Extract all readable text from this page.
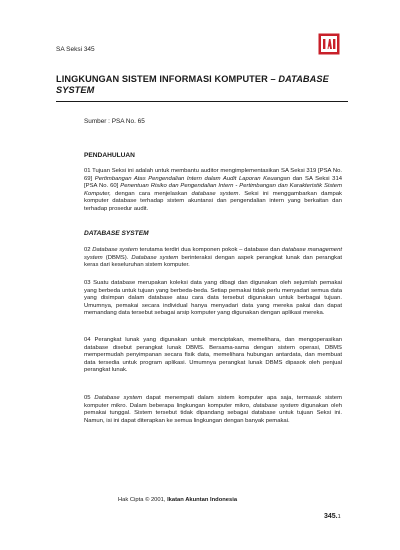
SA Seksi 345
LINGKUNGAN SISTEM INFORMASI KOMPUTER – DATABASE SYSTEM
Sumber : PSA No. 65
PENDAHULUAN
01 Tujuan Seksi ini adalah untuk membantu auditor mengimplementasikan SA Seksi 319 [PSA No. 69] Pertimbangan Atas Pengendalian Intern dalam Audit Laporan Keuangan dan SA Seksi 314 [PSA No. 60] Penentuan Risiko dan Pengendalian Intern - Pertimbangan dan Karakteristik Sistem Komputer, dengan cara menjelaskan database system. Seksi ini menggambarkan dampak komputer database terhadap sistem akuntansi dan pengendalian intern yang berkaitan dan terhadap prosedur audit.
DATABASE SYSTEM
02 Database system terutama terdiri dua komponen pokok – database dan database management system (DBMS). Database system berinteraksi dengan aspek perangkat lunak dan perangkat keras dari keseluruhan sistem komputer.
03 Suatu database merupakan koleksi data yang dibagi dan digunakan oleh sejumlah pemakai yang berbeda untuk tujuan yang berbeda-beda. Setiap pemakai tidak perlu menyadari semua data yang disimpan dalam database atau cara data tersebut digunakan untuk berbagai tujuan. Umumnya, pemakai secara individual hanya menyadari data yang mereka pakai dan dapat memandang data tersebut sebagai arsip komputer yang digunakan dengan aplikasi mereka.
04 Perangkat lunak yang digunakan untuk menciptakan, memelihara, dan mengoperasikan database disebut perangkat lunak DBMS. Bersama-sama dengan sistem operasi, DBMS mempermudah penyimpanan secara fisik data, memelihara hubungan antardata, dan membuat data tersedia untuk program aplikasi. Umumnya perangkat lunak DBMS dipasok oleh penjual perangkat lunak.
05 Database system dapat menempati dalam sistem komputer apa saja, termasuk sistem komputer mikro. Dalam beberapa lingkungan komputer mikro, database system digunakan oleh pemakai tunggal. Sistem tersebut tidak dipandang sebagai database untuk tujuan Seksi ini. Namun, isi ini dapat diterapkan ke semua lingkungan dengan banyak pemakai.
Hak Cipta © 2001, Ikatan Akuntan Indonesia
345.1
